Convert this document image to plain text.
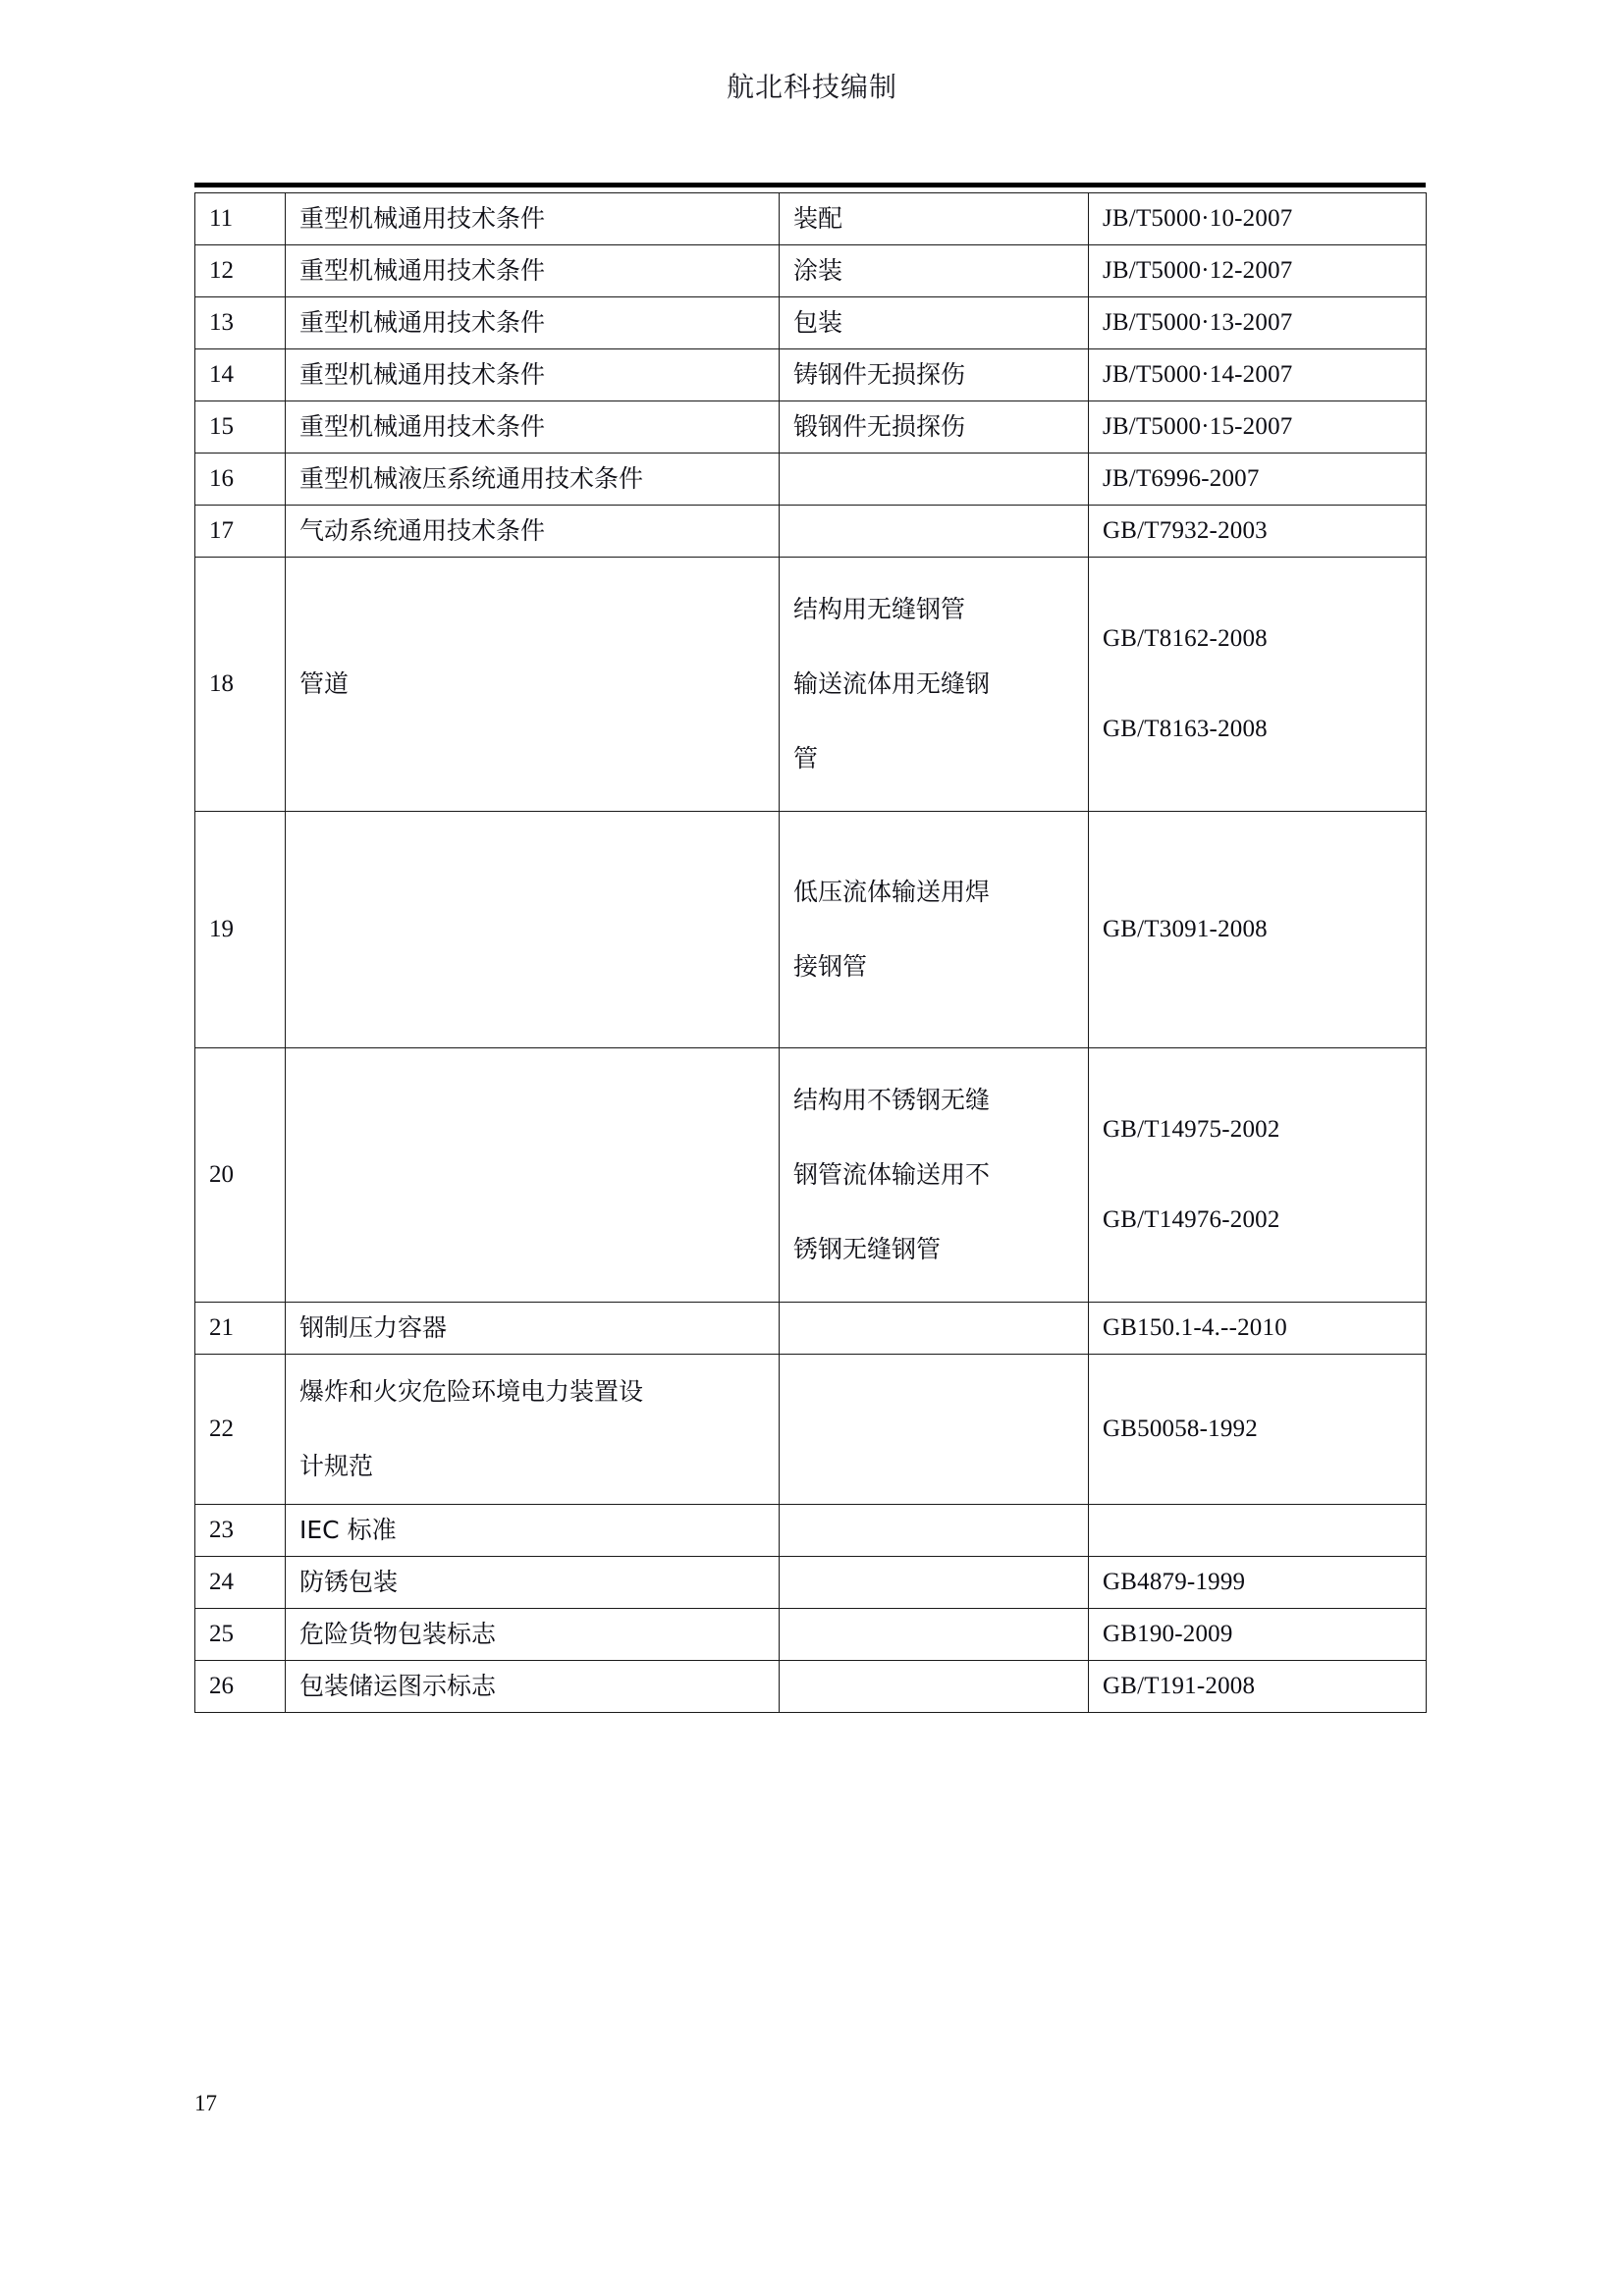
航北科技编制
11	重型机械通用技术条件	装配	JB/T5000·10-2007
12	重型机械通用技术条件	涂装	JB/T5000·12-2007
13	重型机械通用技术条件	包装	JB/T5000·13-2007
14	重型机械通用技术条件	铸钢件无损探伤	JB/T5000·14-2007
15	重型机械通用技术条件	锻钢件无损探伤	JB/T5000·15-2007
16	重型机械液压系统通用技术条件		JB/T6996-2007
17	气动系统通用技术条件		GB/T7932-2003
18	管道	结构用无缝钢管
输送流体用无缝钢
管	GB/T8162-2008
GB/T8163-2008

19		低压流体输送用焊
接钢管	GB/T3091-2008
20		结构用不锈钢无缝
钢管流体输送用不
锈钢无缝钢管	GB/T14975-2002
GB/T14976-2002

21	钢制压力容器		GB150.1-4.--2010
22	爆炸和火灾危险环境电力装置设
计规范		GB50058-1992
23	IEC 标准		
24	防锈包装		GB4879-1999
25	危险货物包装标志		GB190-2009
26	包装储运图示标志		GB/T191-2008
17
